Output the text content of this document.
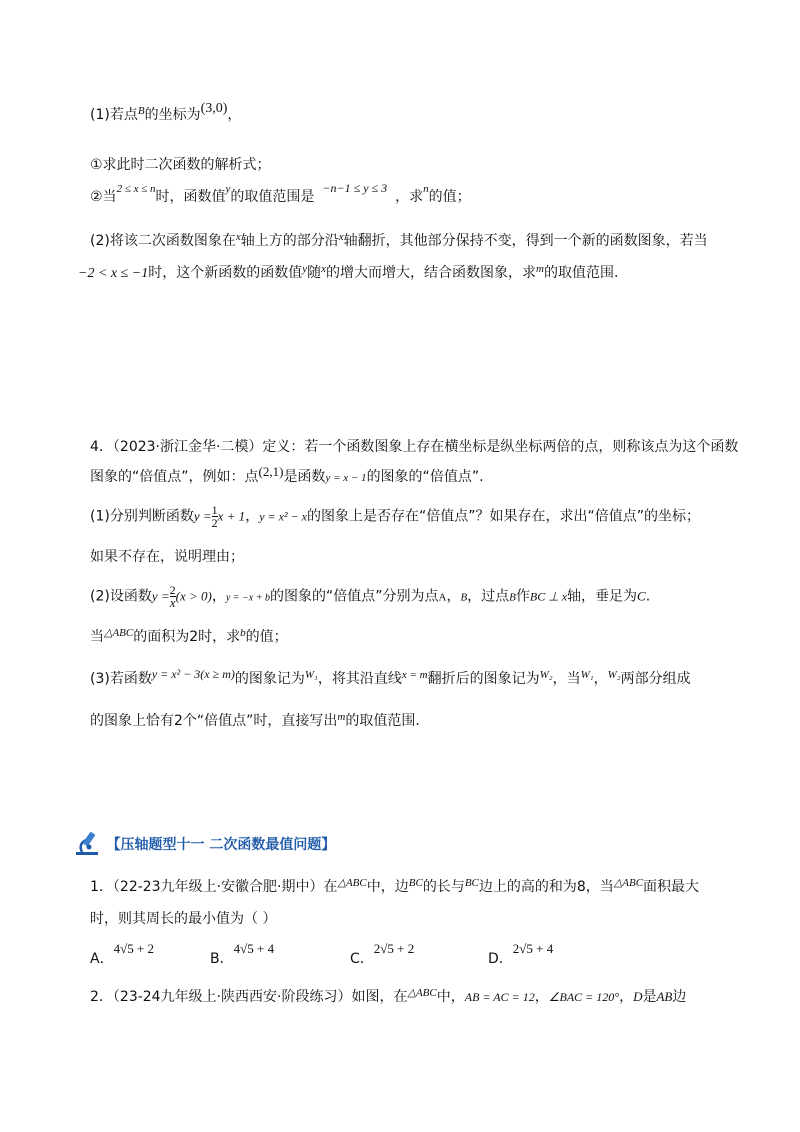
(1)若点$^B$的坐标为(3,0)，
①求此时二次函数的解析式；
②当$^{2 \le x \le n}$时，函数值$^y$的取值范围是−n−1 ≤ y ≤ 3，求$^n$的值；
(2)将该二次函数图象在$^x$轴上方的部分沿$^x$轴翻折，其他部分保持不变，得到一个新的函数图象，若当
−2 < x ≤ −1时，这个新函数的函数值$^y$随$^x$的增大而增大，结合函数图象，求$^m$的取值范围.
4．（2023·浙江金华·二模）定义：若一个函数图象上存在横坐标是纵坐标两倍的点，则称该点为这个函数
图象的“倍值点”，例如：点(2,1)是函数y = x − 1的图象的“倍值点”.
(1)分别判断函数$y = \frac{1}{2}$ x + 1，y = x² − x的图象上是否存在“倍值点”？如果存在，求出“倍值点”的坐标；
如果不存在，说明理由；
(2)设函数$y = \frac{2}{x} (x > 0)$，y = −x + b的图象的“倍值点”分别为点A，B，过点B作BC ⊥ x轴，垂足为C.
当$^{\triangle ABC}$的面积为2时，求$^b$的值；
(3)若函数y = x² − 3(x ≥ m)的图象记为$^{W_1}$，将其沿直线$^{x = m}$翻折后的图象记为$^{W_2}$，当$^{W_1}$，$^{W_2}$两部分组成
的图象上恰有2个“倍值点”时，直接写出$^m$的取值范围.
【压轴题型十一 二次函数最值问题】
1．（22-23九年级上·安徽合肥·期中）在$^{\triangle ABC}$中，边$^{BC}$的长与$^{BC}$边上的高的和为8，当$^{\triangle ABC}$面积最大
时，则其周长的最小值为（ ）
A．4√5 + 2
B．4√5 + 4
C．2√5 + 2
D．2√5 + 4
2．（23-24九年级上·陕西西安·阶段练习）如图，在$^{\triangle ABC}$中，AB = AC = 12，∠BAC = 120°，D是AB边
